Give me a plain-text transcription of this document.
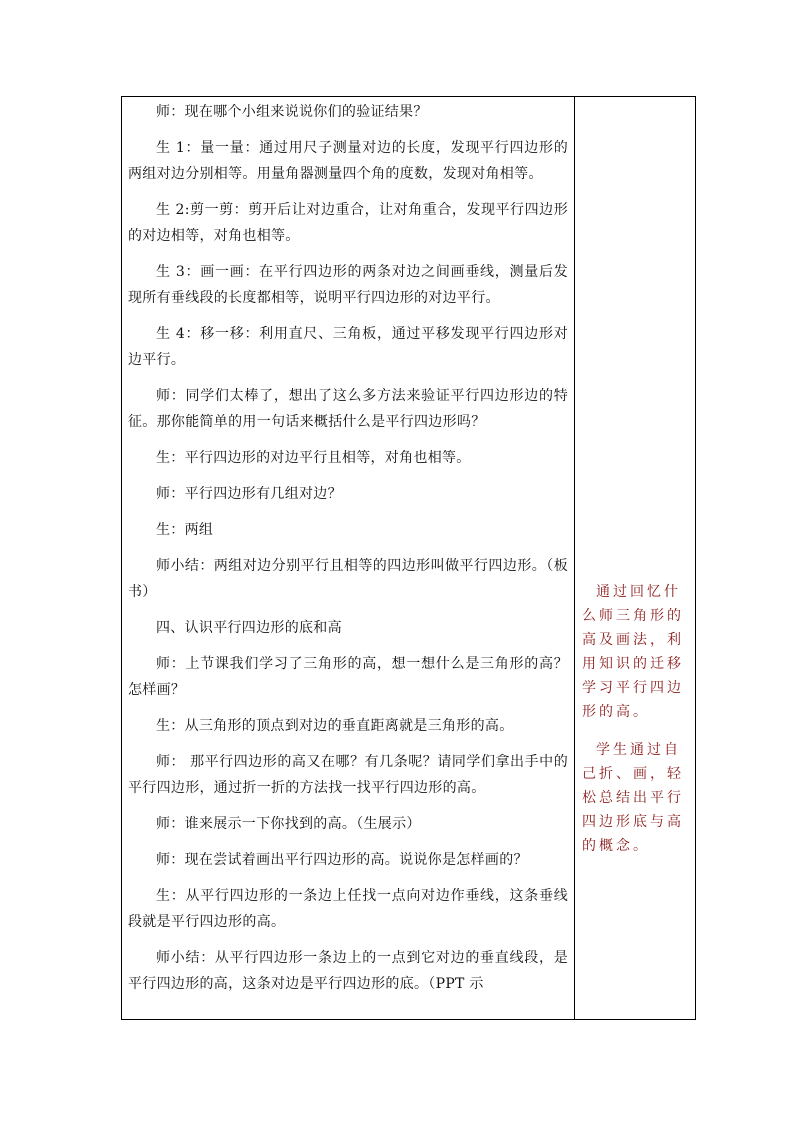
师：现在哪个小组来说说你们的验证结果？

生 1：量一量：通过用尺子测量对边的长度，发现平行四边形的两组对边分别相等。用量角器测量四个角的度数，发现对角相等。

生 2:剪一剪：剪开后让对边重合，让对角重合，发现平行四边形的对边相等，对角也相等。

生 3：画一画：在平行四边形的两条对边之间画垂线，测量后发现所有垂线段的长度都相等，说明平行四边形的对边平行。

生 4：移一移：利用直尺、三角板，通过平移发现平行四边形对边平行。

师：同学们太棒了，想出了这么多方法来验证平行四边形边的特征。那你能简单的用一句话来概括什么是平行四边形吗？

生：平行四边形的对边平行且相等，对角也相等。

师：平行四边形有几组对边？

生：两组

师小结：两组对边分别平行且相等的四边形叫做平行四边形。（板书）

四、认识平行四边形的底和高

师：上节课我们学习了三角形的高，想一想什么是三角形的高？怎样画？

生：从三角形的顶点到对边的垂直距离就是三角形的高。

师： 那平行四边形的高又在哪？有几条呢？请同学们拿出手中的平行四边形，通过折一折的方法找一找平行四边形的高。

师：谁来展示一下你找到的高。（生展示）

师：现在尝试着画出平行四边形的高。说说你是怎样画的？

生：从平行四边形的一条边上任找一点向对边作垂线，这条垂线段就是平行四边形的高。

师小结：从平行四边形一条边上的一点到它对边的垂直线段，是平行四边形的高，这条对边是平行四边形的底。（PPT 示

通过回忆什么师三角形的高及画法，利用知识的迁移学习平行四边形的高。

学生通过自己折、画，轻松总结出平行四边形底与高的概念。
